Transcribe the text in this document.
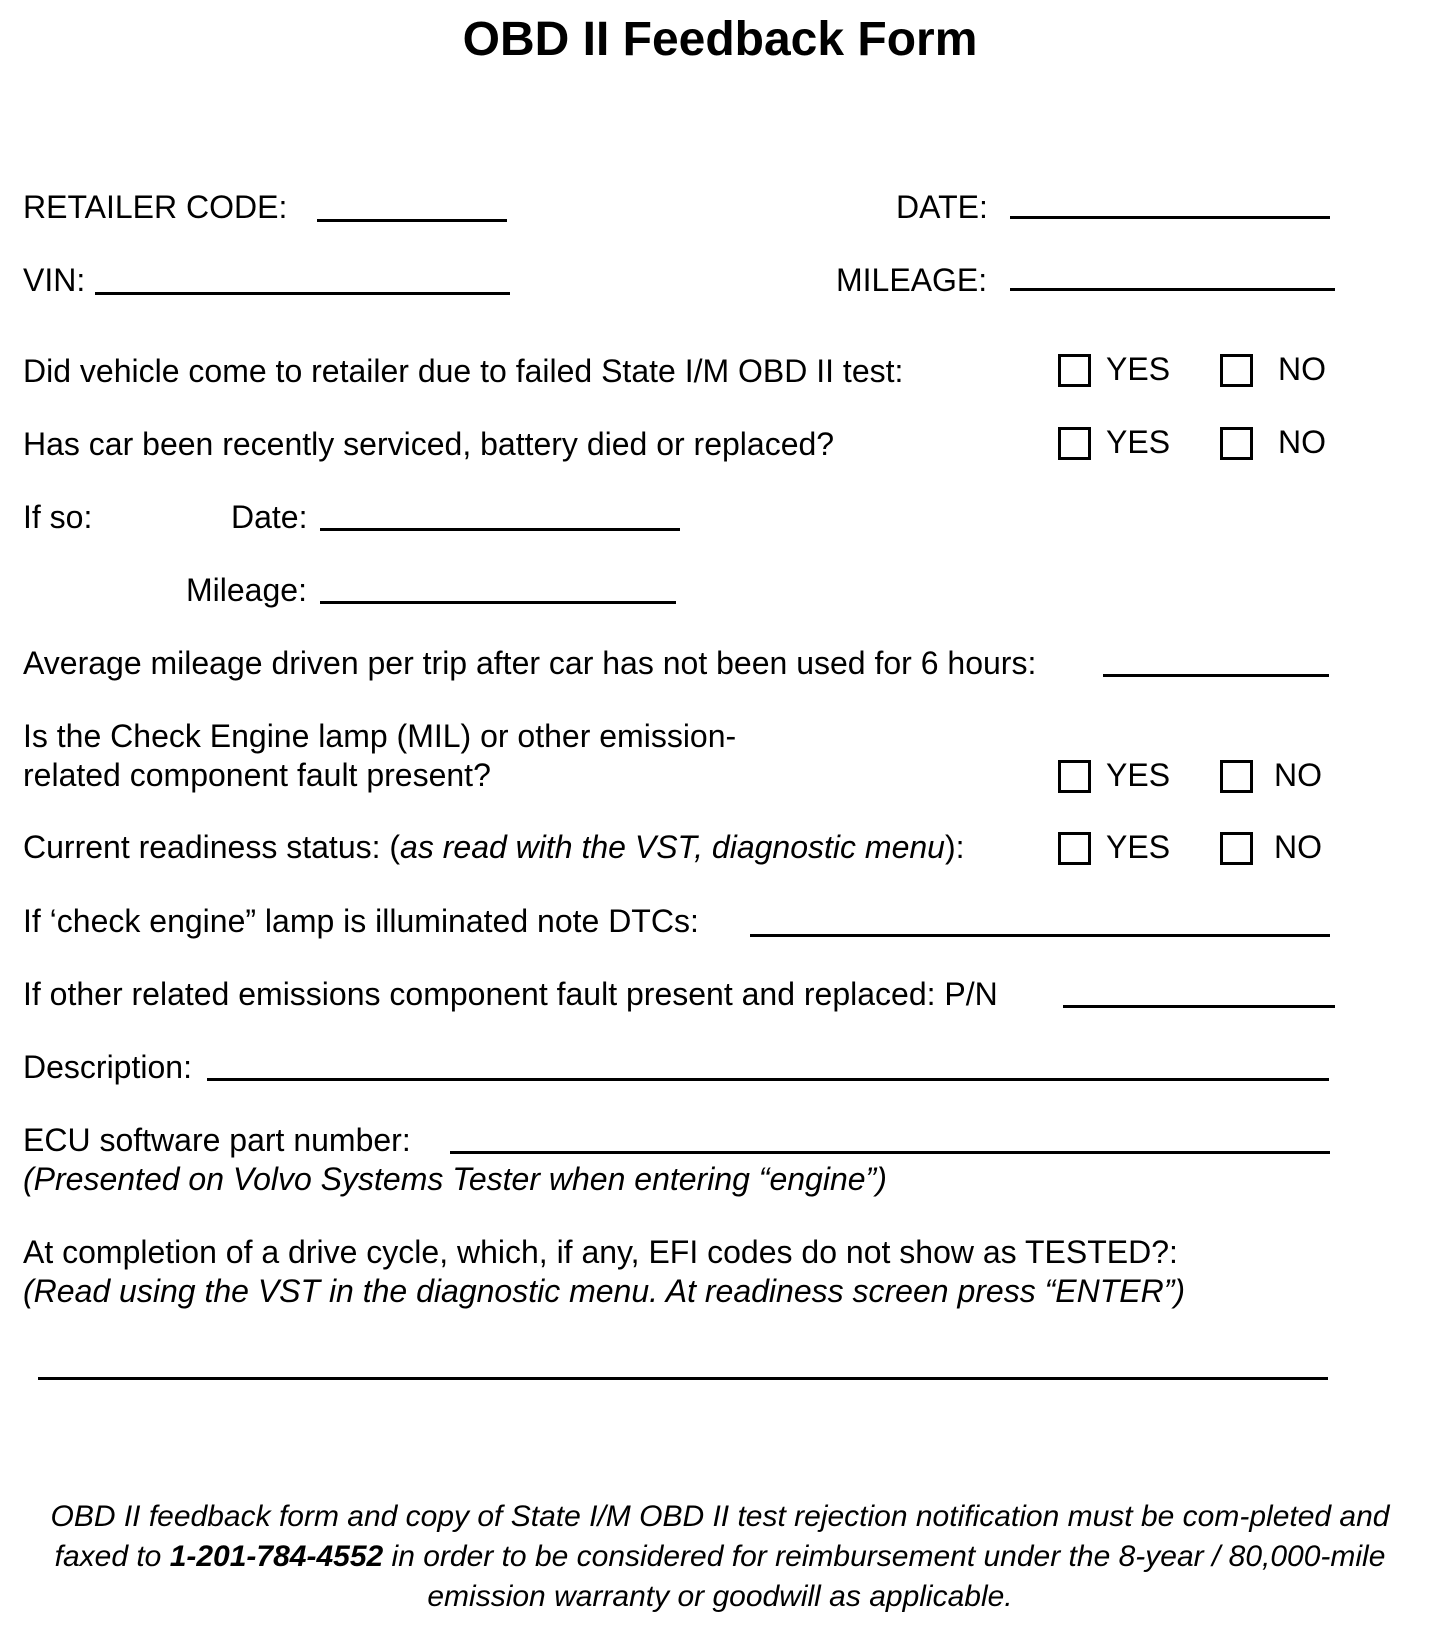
OBD II Feedback Form
RETAILER CODE:	DATE:
VIN:	MILEAGE:
Did vehicle come to retailer due to failed State I/M OBD II test:	YES	NO
Has car been recently serviced, battery died or replaced?	YES	NO
If so:	Date:
Mileage:
Average mileage driven per trip after car has not been used for 6 hours:
Is the Check Engine lamp (MIL) or other emission-
related component fault present?	YES	NO
Current readiness status: (as read with the VST, diagnostic menu):	YES	NO
If ‘check engine” lamp is illuminated note DTCs:
If other related emissions component fault present and replaced: P/N
Description:
ECU software part number:
(Presented on Volvo Systems Tester when entering “engine”)
At completion of a drive cycle, which, if any, EFI codes do not show as TESTED?:
(Read using the VST in the diagnostic menu. At readiness screen press “ENTER”)
OBD II feedback form and copy of State I/M OBD II test rejection notification must be com-pleted and faxed to 1-201-784-4552 in order to be considered for reimbursement under the 8-year / 80,000-mile emission warranty or goodwill as applicable.
